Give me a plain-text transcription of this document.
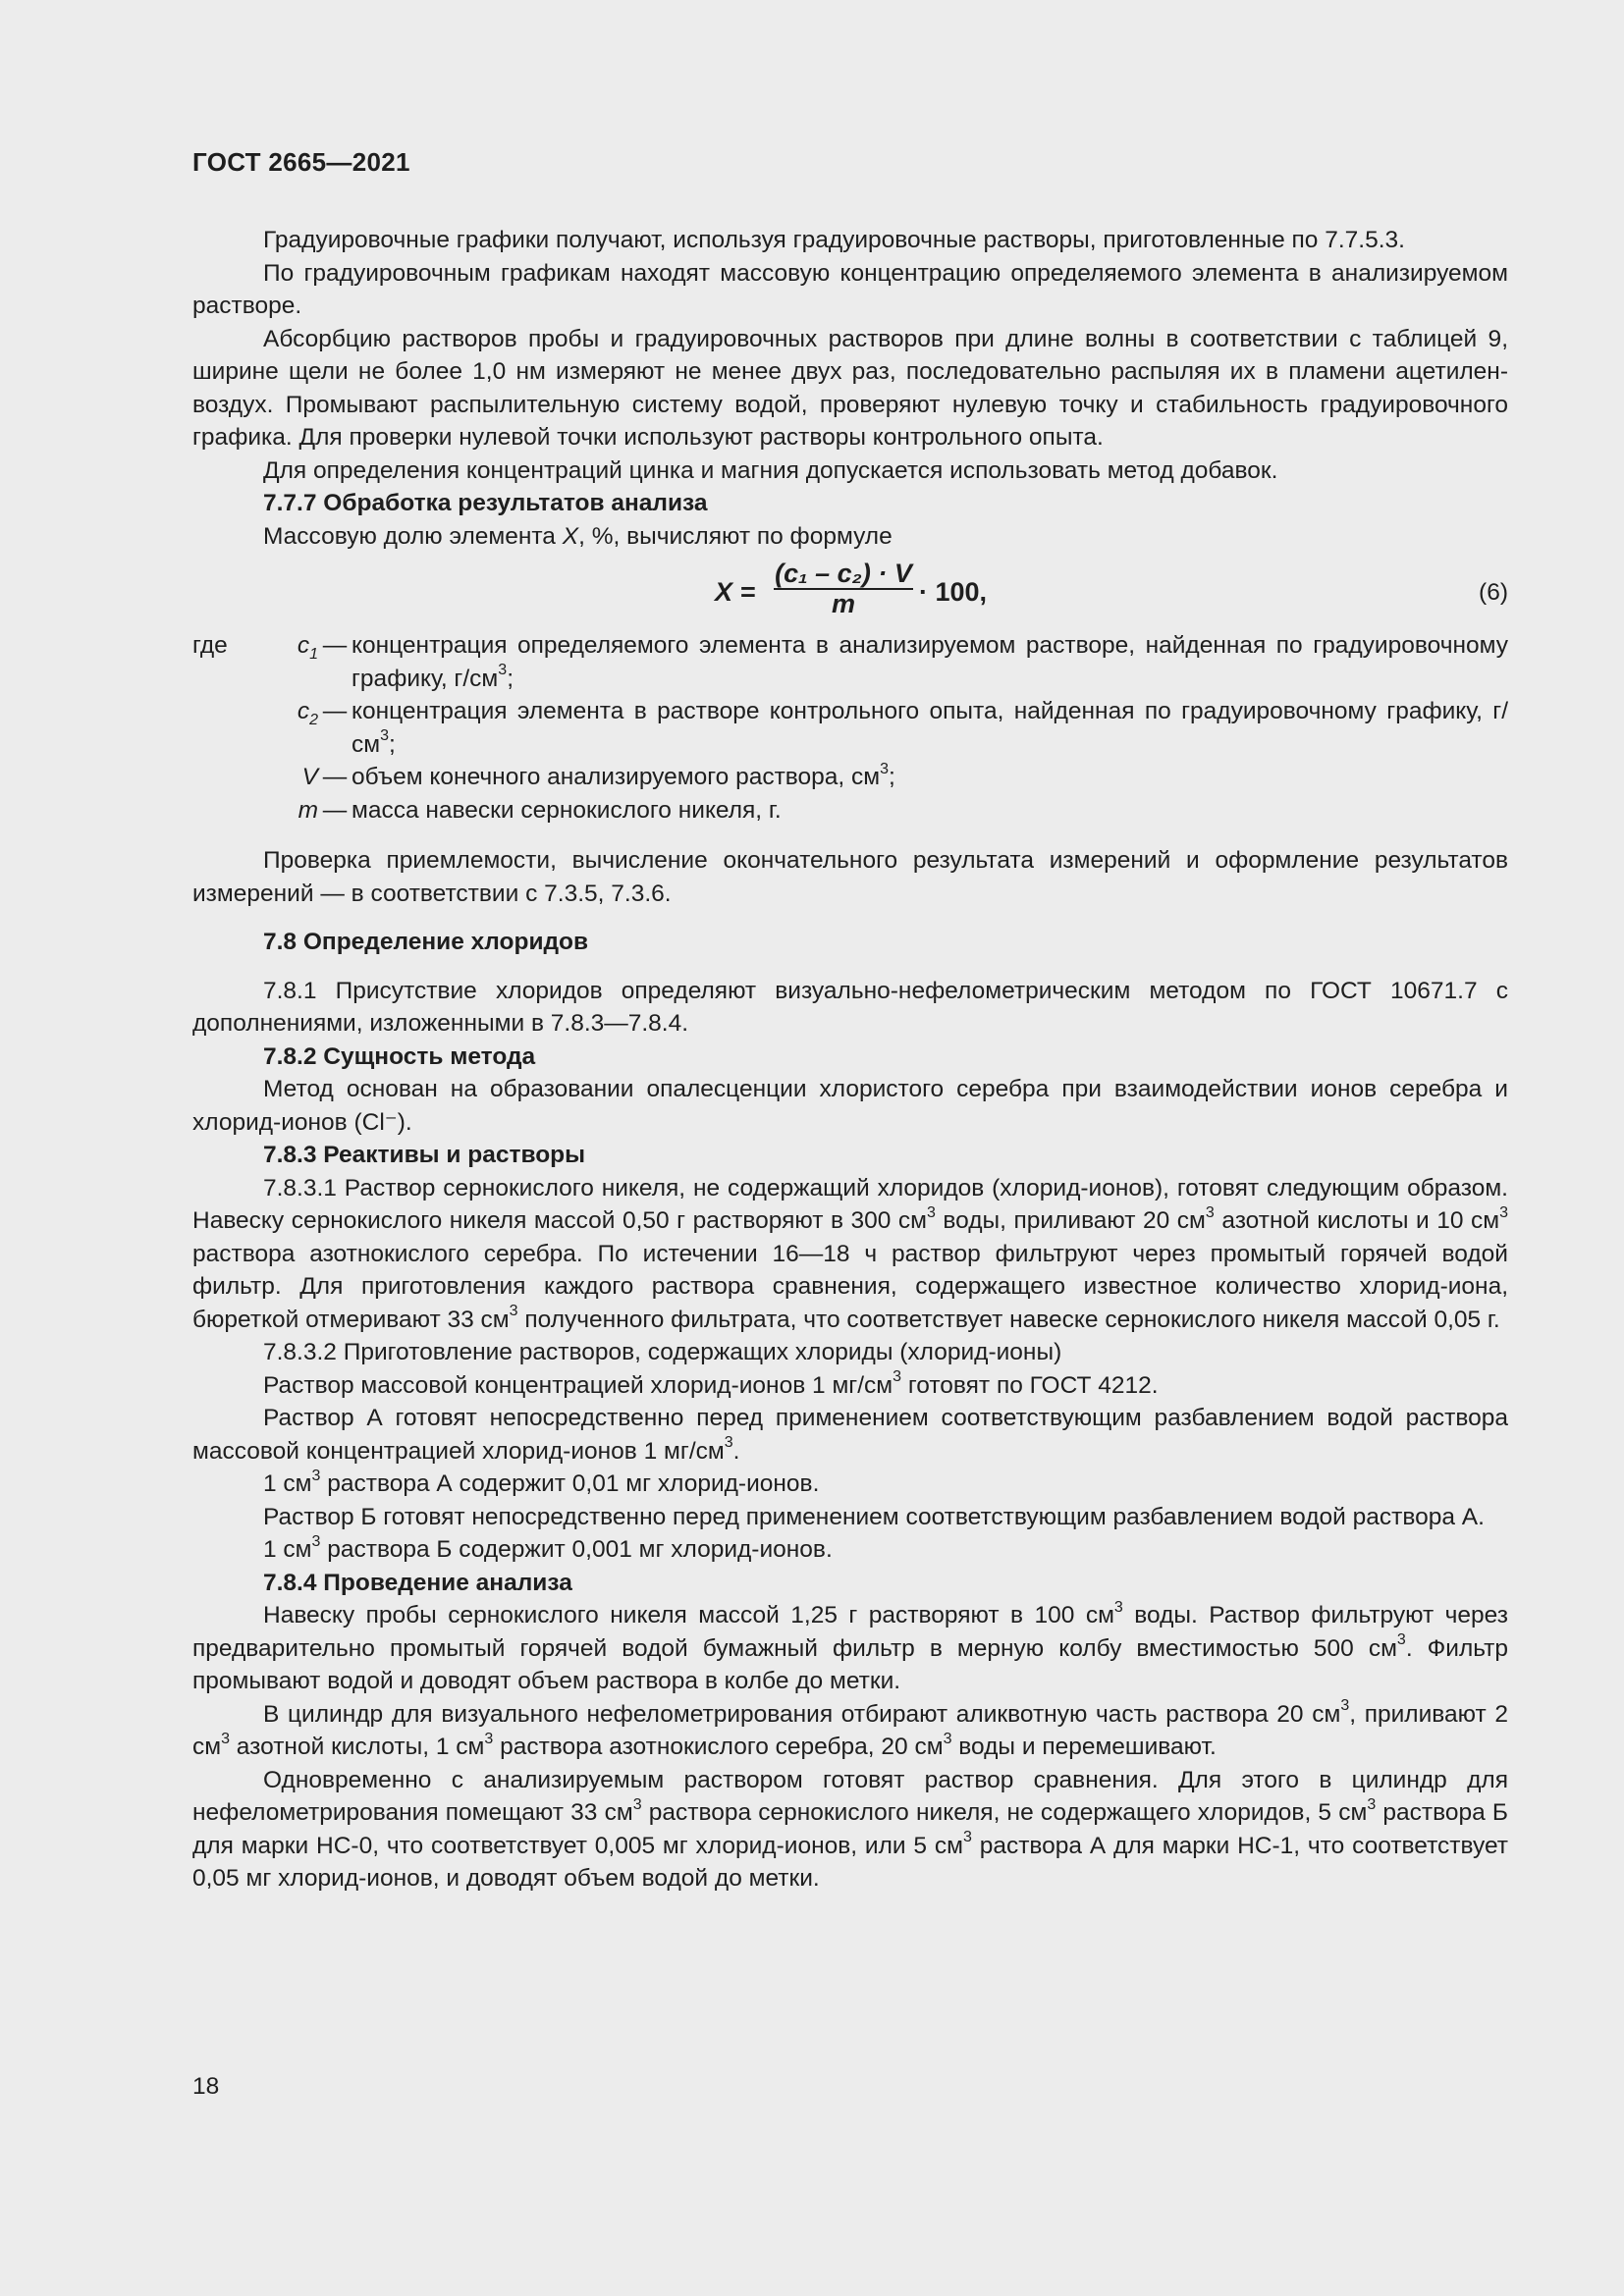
ГОСТ 2665—2021

Градуировочные графики получают, используя градуировочные растворы, приготовленные по 7.7.5.3.

По градуировочным графикам находят массовую концентрацию определяемого элемента в анализируемом растворе.

Абсорбцию растворов пробы и градуировочных растворов при длине волны в соответствии с таблицей 9, ширине щели не более 1,0 нм измеряют не менее двух раз, последовательно распыляя их в пламени ацетилен-воздух. Промывают распылительную систему водой, проверяют нулевую точку и стабильность градуировочного графика. Для проверки нулевой точки используют растворы контрольного опыта.

Для определения концентраций цинка и магния допускается использовать метод добавок.

7.7.7 Обработка результатов анализа

Массовую долю элемента X, %, вычисляют по формуле

X =
(c₁ – c₂) · V
m	· 100,	(6)
где	$c_1$ — концентрация определяемого элемента в анализируемом растворе, найденная по градуировочному графику, $г/см^3$;
$c_2$ — концентрация элемента в растворе контрольного опыта, найденная по градуировочному графику, $г/см^3$;
V — объем конечного анализируемого раствора, $см^3$;
m — масса навески сернокислого никеля, г.

Проверка приемлемости, вычисление окончательного результата измерений и оформление результатов измерений — в соответствии с 7.3.5, 7.3.6.

7.8 Определение хлоридов

7.8.1 Присутствие хлоридов определяют визуально-нефелометрическим методом по ГОСТ 10671.7 с дополнениями, изложенными в 7.8.3—7.8.4.

7.8.2 Сущность метода

Метод основан на образовании опалесценции хлористого серебра при взаимодействии ионов серебра и хлорид-ионов (Cl⁻).

7.8.3 Реактивы и растворы

7.8.3.1 Раствор сернокислого никеля, не содержащий хлоридов (хлорид-ионов), готовят следующим образом. Навеску сернокислого никеля массой 0,50 г растворяют в 300 $см^3$ воды, приливают 20 $см^3$ азотной кислоты и 10 $см^3$ раствора азотнокислого серебра. По истечении 16—18 ч раствор фильтруют через промытый горячей водой фильтр. Для приготовления каждого раствора сравнения, содержащего известное количество хлорид-иона, бюреткой отмеривают 33 $см^3$ полученного фильтрата, что соответствует навеске сернокислого никеля массой 0,05 г.

7.8.3.2 Приготовление растворов, содержащих хлориды (хлорид-ионы)

Раствор массовой концентрацией хлорид-ионов 1 $мг/см^3$ готовят по ГОСТ 4212.

Раствор А готовят непосредственно перед применением соответствующим разбавлением водой раствора массовой концентрацией хлорид-ионов 1 $мг/см^3$.

1 $см^3$ раствора А содержит 0,01 мг хлорид-ионов.

Раствор Б готовят непосредственно перед применением соответствующим разбавлением водой раствора А.

1 $см^3$ раствора Б содержит 0,001 мг хлорид-ионов.

7.8.4 Проведение анализа

Навеску пробы сернокислого никеля массой 1,25 г растворяют в 100 $см^3$ воды. Раствор фильтруют через предварительно промытый горячей водой бумажный фильтр в мерную колбу вместимостью 500 $см^3$. Фильтр промывают водой и доводят объем раствора в колбе до метки.

В цилиндр для визуального нефелометрирования отбирают аликвотную часть раствора 20 $см^3$, приливают 2 $см^3$ азотной кислоты, 1 $см^3$ раствора азотнокислого серебра, 20 $см^3$ воды и перемешивают.

Одновременно с анализируемым раствором готовят раствор сравнения. Для этого в цилиндр для нефелометрирования помещают 33 $см^3$ раствора сернокислого никеля, не содержащего хлоридов, 5 $см^3$ раствора Б для марки НС-0, что соответствует 0,005 мг хлорид-ионов, или 5 $см^3$ раствора А для марки НС-1, что соответствует 0,05 мг хлорид-ионов, и доводят объем водой до метки.

18
